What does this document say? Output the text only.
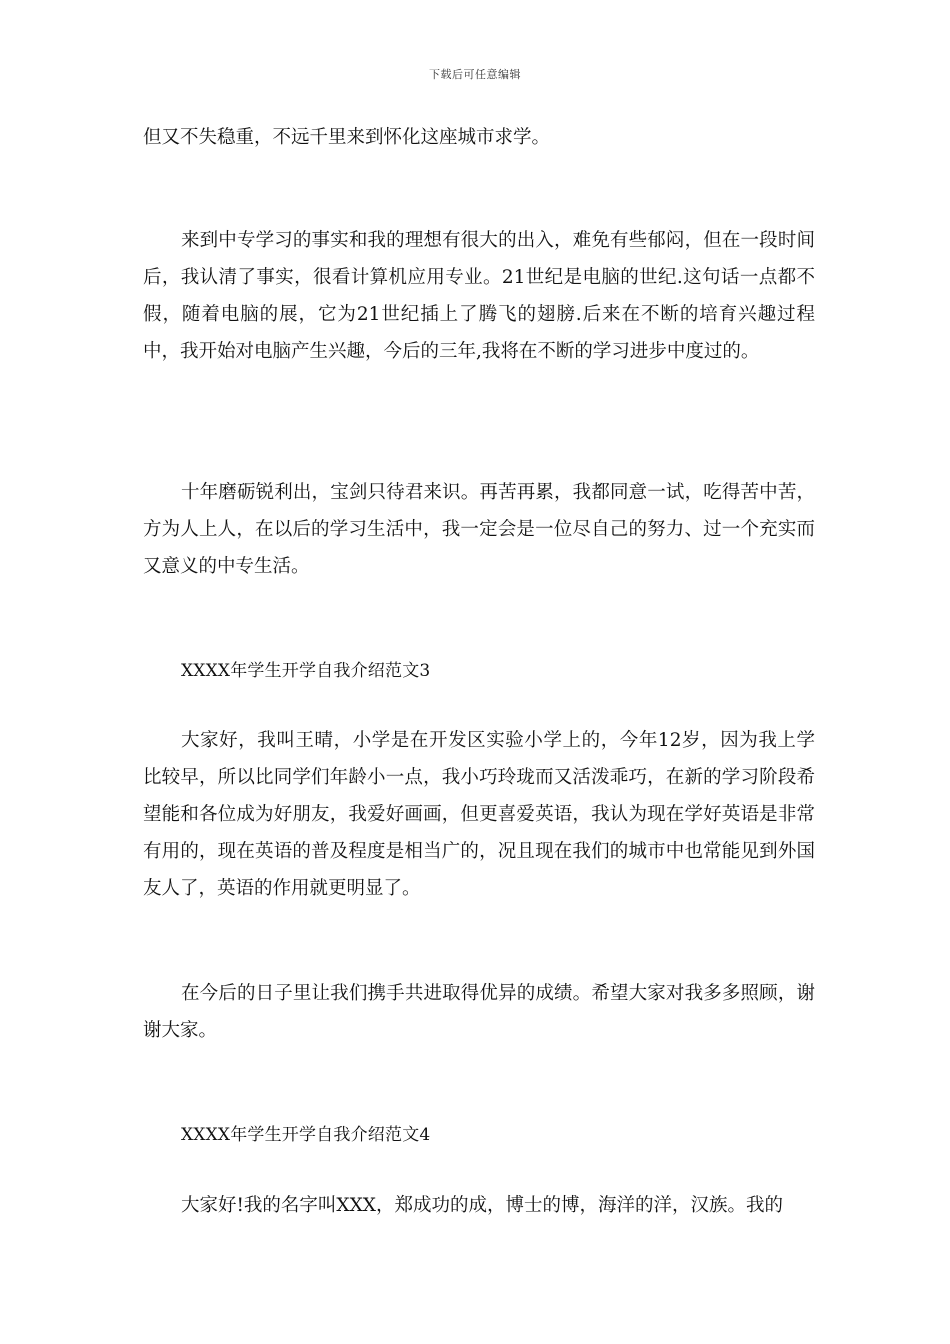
下载后可任意编辑

但又不失稳重，不远千里来到怀化这座城市求学。

来到中专学习的事实和我的理想有很大的出入，难免有些郁闷，但在一段时间后，我认清了事实，很看计算机应用专业。21世纪是电脑的世纪.这句话一点都不假，随着电脑的展，它为21世纪插上了腾飞的翅膀.后来在不断的培育兴趣过程中，我开始对电脑产生兴趣，今后的三年,我将在不断的学习进步中度过的。

十年磨砺锐利出，宝剑只待君来识。再苦再累，我都同意一试，吃得苦中苦，方为人上人，在以后的学习生活中，我一定会是一位尽自己的努力、过一个充实而又意义的中专生活。

XXXX年学生开学自我介绍范文3

大家好，我叫王晴，小学是在开发区实验小学上的，今年12岁，因为我上学比较早，所以比同学们年龄小一点，我小巧玲珑而又活泼乖巧，在新的学习阶段希望能和各位成为好朋友，我爱好画画，但更喜爱英语，我认为现在学好英语是非常有用的，现在英语的普及程度是相当广的，况且现在我们的城市中也常能见到外国友人了，英语的作用就更明显了。

在今后的日子里让我们携手共进取得优异的成绩。希望大家对我多多照顾，谢谢大家。

XXXX年学生开学自我介绍范文4

大家好!我的名字叫XXX，郑成功的成，博士的博，海洋的洋，汉族。我的
